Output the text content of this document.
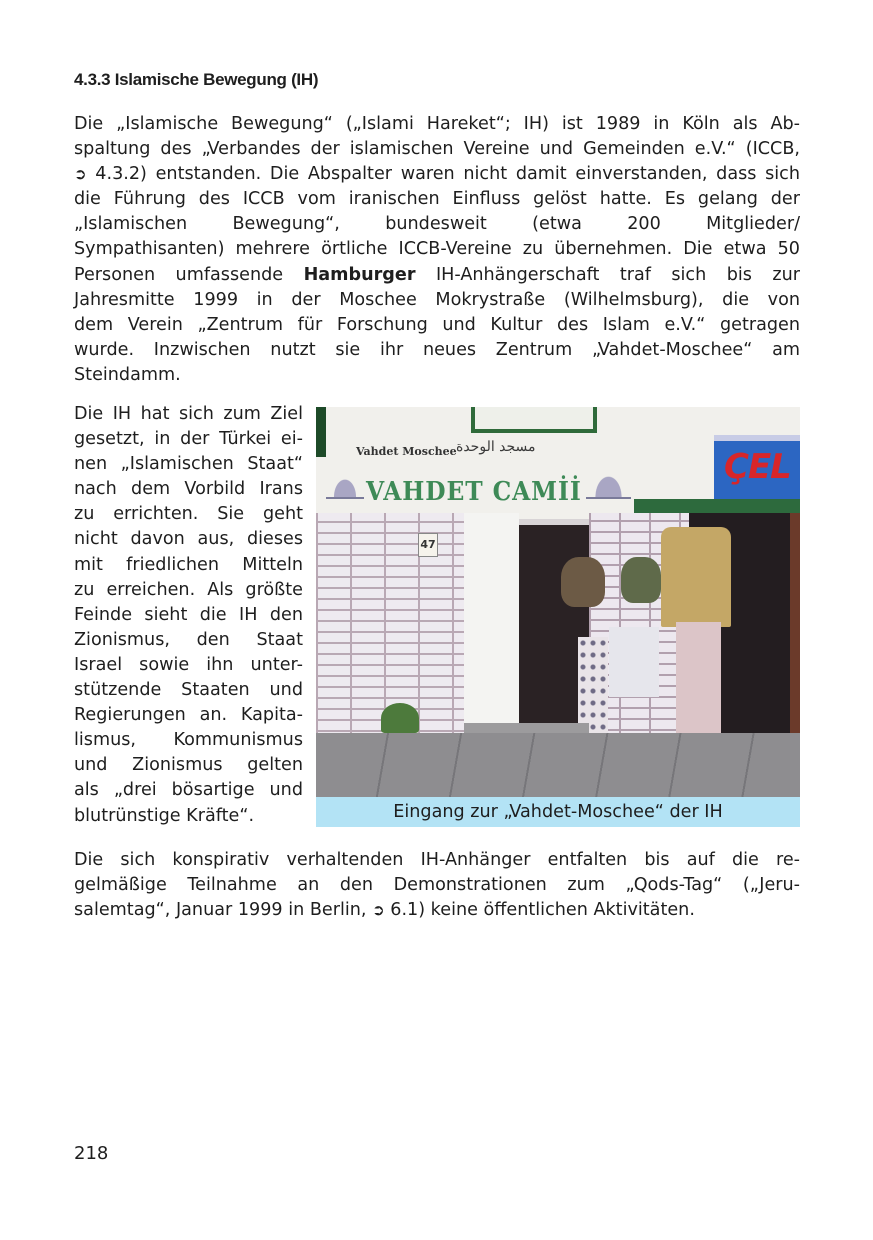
4.3.3 Islamische Bewegung (IH)
Die „Islamische Bewegung“ („Islami Hareket“; IH) ist 1989 in Köln als Ab-
spaltung des „Verbandes der islamischen Vereine und Gemeinden e.V.“ (ICCB,
➲ 4.3.2) entstanden. Die Abspalter waren nicht damit einverstanden, dass sich
die Führung des ICCB vom iranischen Einfluss gelöst hatte. Es gelang der
„Islamischen Bewegung“, bundesweit (etwa 200 Mitglieder/
Sympathisanten) mehrere örtliche ICCB-Vereine zu übernehmen. Die etwa 50
Personen umfassende Hamburger IH-Anhängerschaft traf sich bis zur
Jahresmitte 1999 in der Moschee Mokrystraße (Wilhelmsburg), die von
dem Verein „Zentrum für Forschung und Kultur des Islam e.V.“ getragen
wurde. Inzwischen nutzt sie ihr neues Zentrum „Vahdet-Moschee“ am
Steindamm.
Die IH hat sich zum Ziel
gesetzt, in der Türkei ei-
nen „Islamischen Staat“
nach dem Vorbild Irans
zu errichten. Sie geht
nicht davon aus, dieses
mit friedlichen Mitteln
zu erreichen. Als größte
Feinde sieht die IH den
Zionismus, den Staat
Israel sowie ihn unter-
stützende Staaten und
Regierungen an. Kapita-
lismus, Kommunismus
und Zionismus gelten
als „drei bösartige und
blutrünstige Kräfte“.
Vahdet Moschee مسجد الوحدة
VAHDET CAMİİ
ÇEL
47
Eingang zur „Vahdet-Moschee“ der IH
Die sich konspirativ verhaltenden IH-Anhänger entfalten bis auf die re-
gelmäßige Teilnahme an den Demonstrationen zum „Qods-Tag“ („Jeru-
salemtag“, Januar 1999 in Berlin, ➲ 6.1) keine öffentlichen Aktivitäten.
218
